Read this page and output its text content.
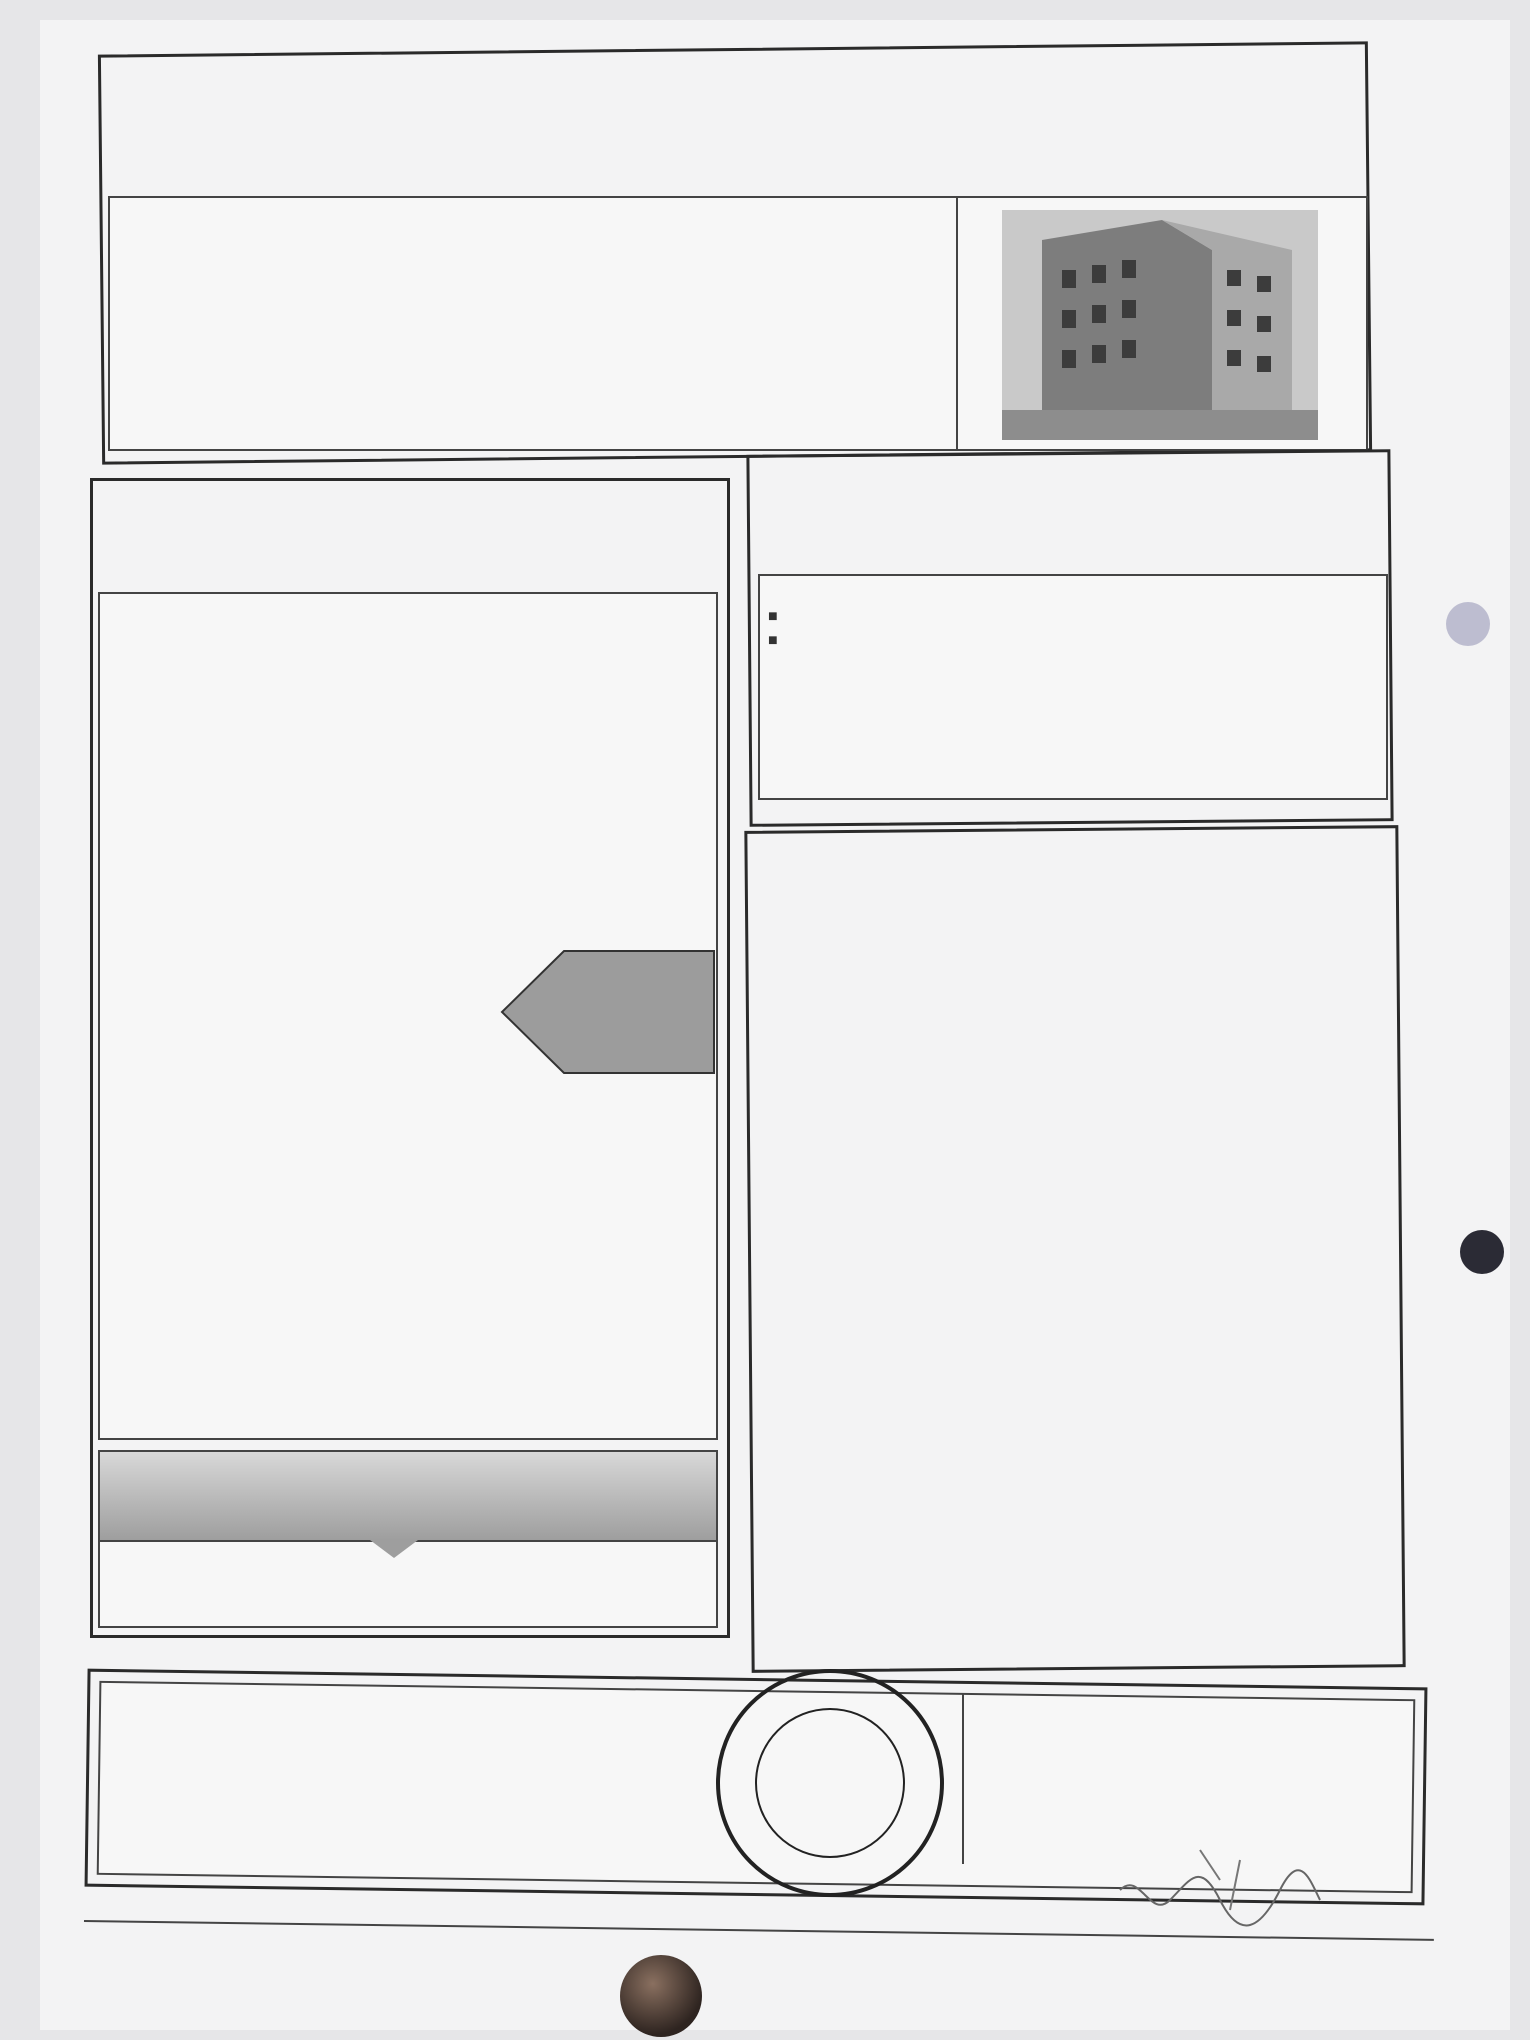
■
■
